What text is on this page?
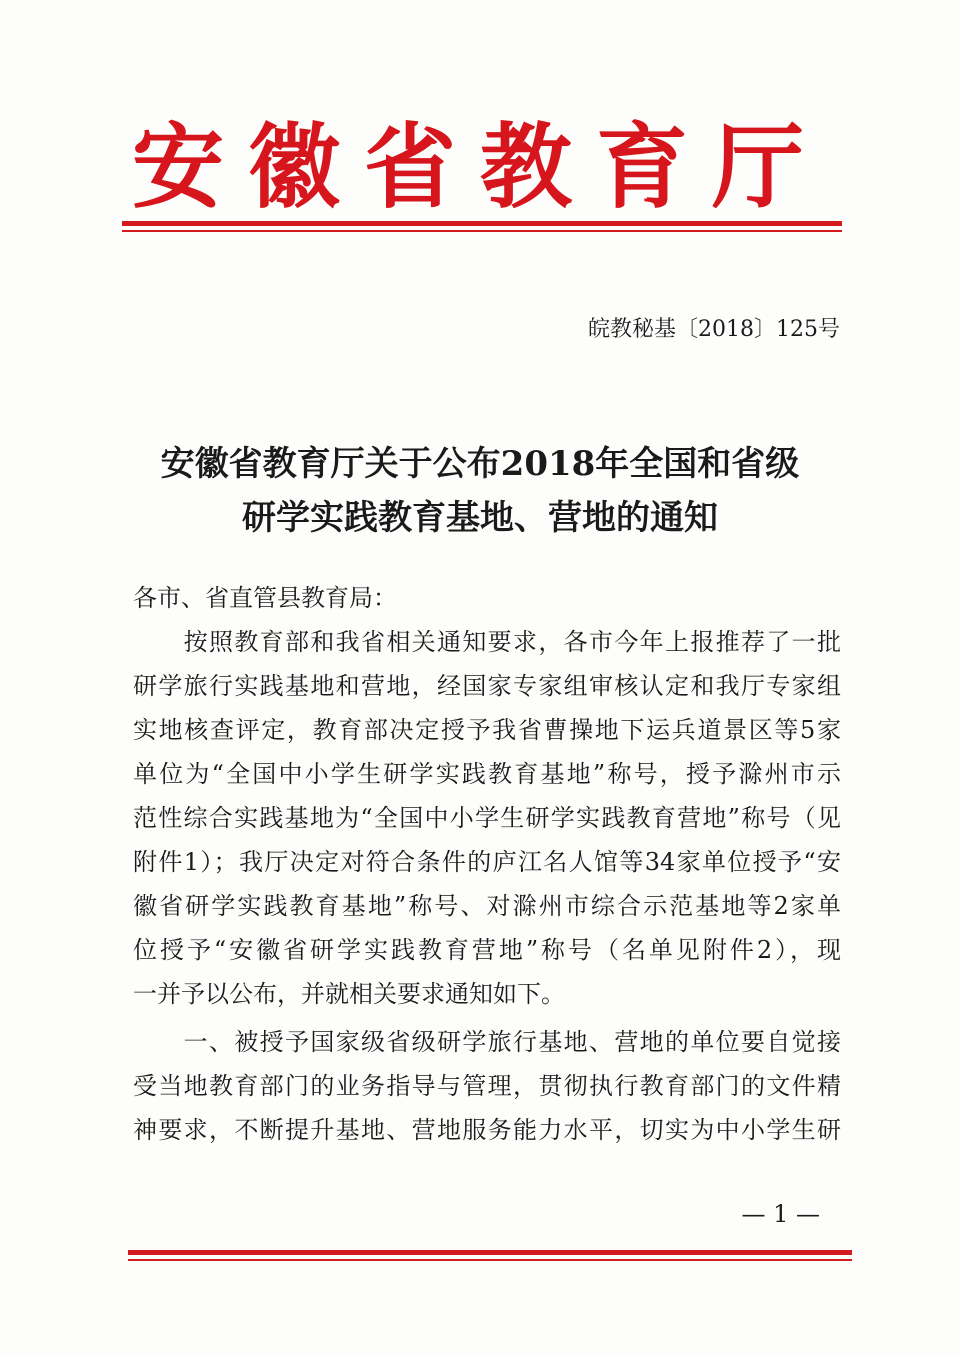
安徽省教育厅
皖教秘基〔2018〕125号
安徽省教育厅关于公布2018年全国和省级
研学实践教育基地、营地的通知
各市、省直管县教育局：
　　按照教育部和我省相关通知要求，各市今年上报推荐了一批
研学旅行实践基地和营地，经国家专家组审核认定和我厅专家组
实地核查评定，教育部决定授予我省曹操地下运兵道景区等5家
单位为“全国中小学生研学实践教育基地”称号，授予滁州市示
范性综合实践基地为“全国中小学生研学实践教育营地”称号（见
附件1）；我厅决定对符合条件的庐江名人馆等34家单位授予“安
徽省研学实践教育基地”称号、对滁州市综合示范基地等2家单
位授予“安徽省研学实践教育营地”称号（名单见附件2），现
一并予以公布，并就相关要求通知如下。
　　一、被授予国家级省级研学旅行基地、营地的单位要自觉接
受当地教育部门的业务指导与管理，贯彻执行教育部门的文件精
神要求，不断提升基地、营地服务能力水平，切实为中小学生研
— 1 —
